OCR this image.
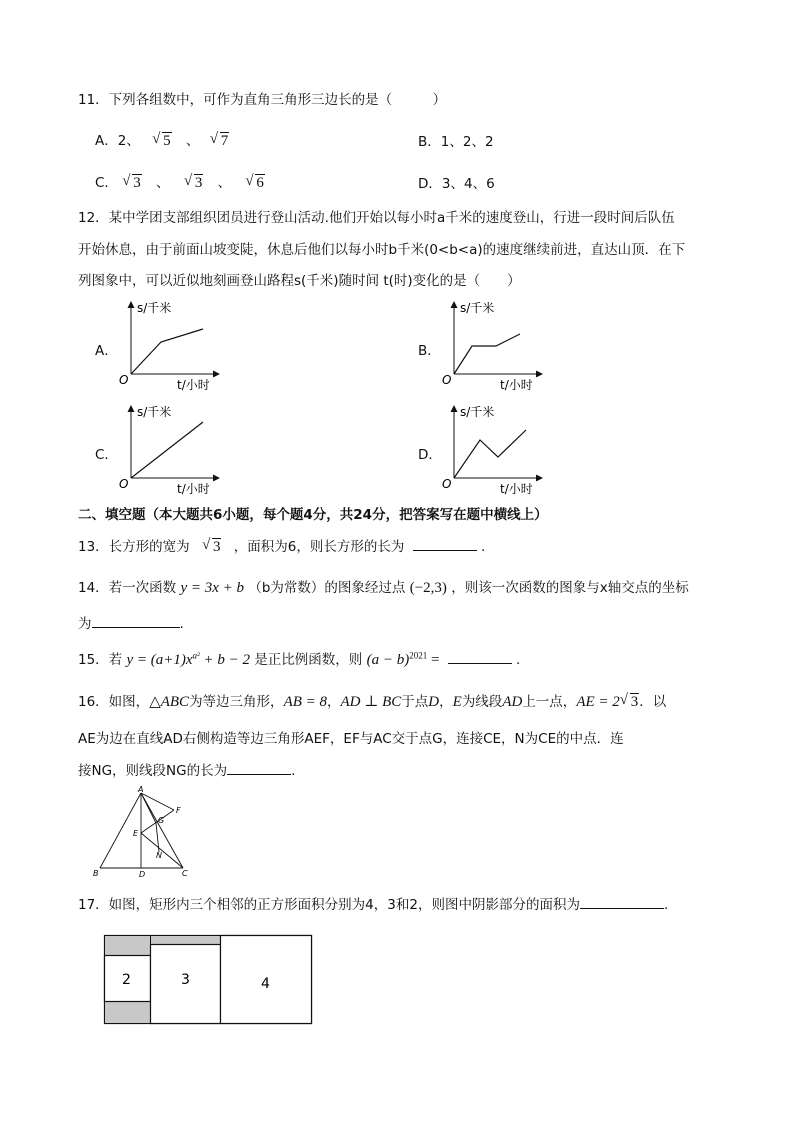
11．下列各组数中，可作为直角三角形三边长的是（　　　）
A．2、 √ 5 、 √ 7	B．1、2、2
C． √ 3 、 √ 3 、 √ 6	D．3、4、6
12．某中学团支部组织团员进行登山活动.他们开始以每小时a千米的速度登山，行进一段时间后队伍
开始休息，由于前面山坡变陡，休息后他们以每小时b千米(0<b<a)的速度继续前进，直达山顶．在下
列图象中，可以近似地刻画登山路程s(千米)随时间 t(时)变化的是（　　）
A．	B．
C．	D．
s/千米
O	t/小时
s/千米
O	t/小时
s/千米
O	t/小时
s/千米
O	t/小时
二、填空题（本大题共6小题，每个题4分，共24分，把答案写在题中横线上）
13．长方形的宽为 √ 3 ，面积为6，则长方形的长为	.
14．若一次函数 y = 3x + b （b为常数）的图象经过点 (−2,3) ，则该一次函数的图象与x轴交点的坐标
为	.
15．若 $y = (a+1)x^{a^2} + b - 2$ 是正比例函数，则 $(a - b)^{2021}$ =	.
16．如图，△ABC为等边三角形，AB = 8，AD ⊥ BC于点D，E为线段AD上一点，AE = 2 √ 3．以
AE为边在直线AD右侧构造等边三角形AEF，EF与AC交于点G，连接CE，N为CE的中点．连
接NG，则线段NG的长为	.
A
B	C
D
E
F
G
N
17．如图，矩形内三个相邻的正方形面积分别为4，3和2，则图中阴影部分的面积为	.
2	3	4
